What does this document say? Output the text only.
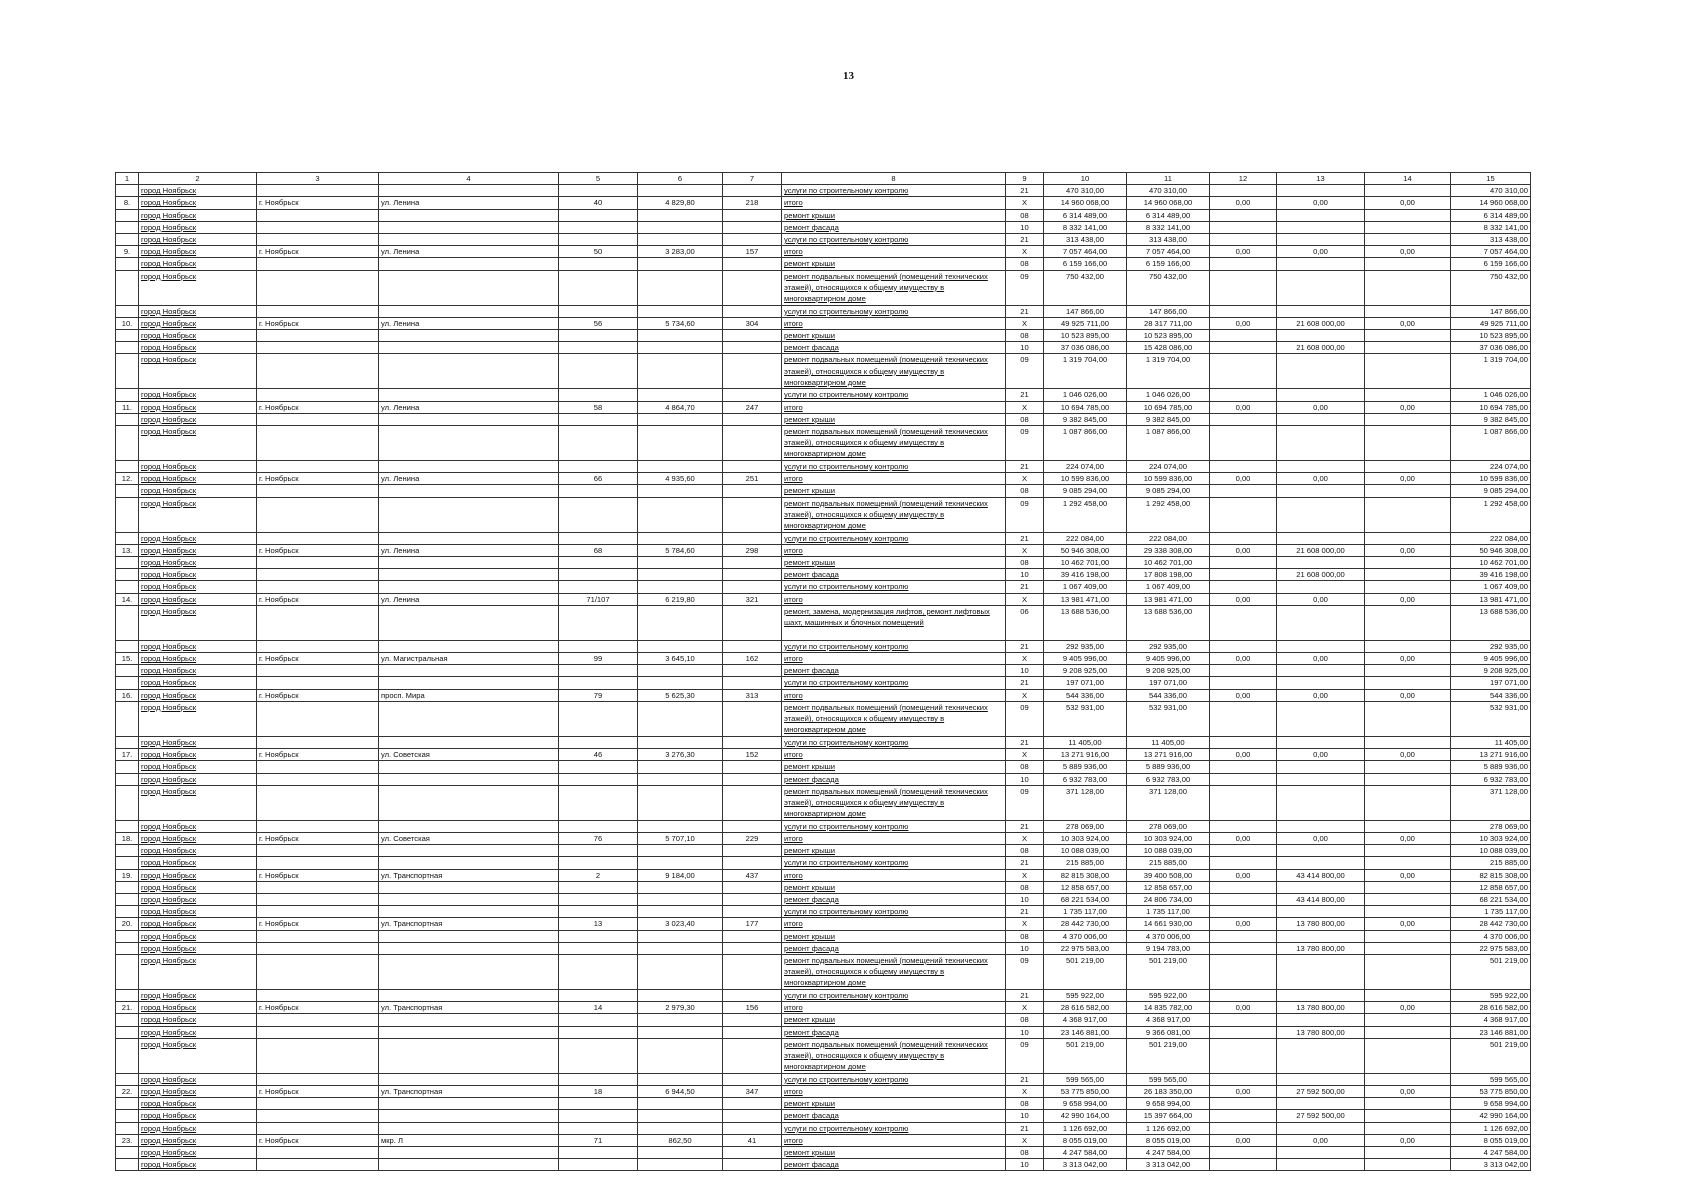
13
1	2	3	4	5	6	7	8	9	10	11	12	13	14	15
	город Ноябрьск						услуги по строительному контролю	21	470 310,00	470 310,00				470 310,00
8.	город Ноябрьск	г. Ноябрьск	ул. Ленина	40	4 829,80	218	итого	X	14 960 068,00	14 960 068,00	0,00	0,00	0,00	14 960 068,00
	город Ноябрьск						ремонт крыши	08	6 314 489,00	6 314 489,00				6 314 489,00
	город Ноябрьск						ремонт фасада	10	8 332 141,00	8 332 141,00				8 332 141,00
	город Ноябрьск						услуги по строительному контролю	21	313 438,00	313 438,00				313 438,00
9.	город Ноябрьск	г. Ноябрьск	ул. Ленина	50	3 283,00	157	итого	X	7 057 464,00	7 057 464,00	0,00	0,00	0,00	7 057 464,00
	город Ноябрьск						ремонт крыши	08	6 159 166,00	6 159 166,00				6 159 166,00
	город Ноябрьск						ремонт подвальных помещений (помещений технических этажей), относящихся к общему имуществу в многоквартирном доме	09	750 432,00	750 432,00				750 432,00
	город Ноябрьск						услуги по строительному контролю	21	147 866,00	147 866,00				147 866,00
10.	город Ноябрьск	г. Ноябрьск	ул. Ленина	56	5 734,60	304	итого	X	49 925 711,00	28 317 711,00	0,00	21 608 000,00	0,00	49 925 711,00
	город Ноябрьск						ремонт крыши	08	10 523 895,00	10 523 895,00				10 523 895,00
	город Ноябрьск						ремонт фасада	10	37 036 086,00	15 428 086,00		21 608 000,00		37 036 086,00
	город Ноябрьск						ремонт подвальных помещений (помещений технических этажей), относящихся к общему имуществу в многоквартирном доме	09	1 319 704,00	1 319 704,00				1 319 704,00
	город Ноябрьск						услуги по строительному контролю	21	1 046 026,00	1 046 026,00				1 046 026,00
11.	город Ноябрьск	г. Ноябрьск	ул. Ленина	58	4 864,70	247	итого	X	10 694 785,00	10 694 785,00	0,00	0,00	0,00	10 694 785,00
	город Ноябрьск						ремонт крыши	08	9 382 845,00	9 382 845,00				9 382 845,00
	город Ноябрьск						ремонт подвальных помещений (помещений технических этажей), относящихся к общему имуществу в многоквартирном доме	09	1 087 866,00	1 087 866,00				1 087 866,00
	город Ноябрьск						услуги по строительному контролю	21	224 074,00	224 074,00				224 074,00
12.	город Ноябрьск	г. Ноябрьск	ул. Ленина	66	4 935,60	251	итого	X	10 599 836,00	10 599 836,00	0,00	0,00	0,00	10 599 836,00
	город Ноябрьск						ремонт крыши	08	9 085 294,00	9 085 294,00				9 085 294,00
	город Ноябрьск						ремонт подвальных помещений (помещений технических этажей), относящихся к общему имуществу в многоквартирном доме	09	1 292 458,00	1 292 458,00				1 292 458,00
	город Ноябрьск						услуги по строительному контролю	21	222 084,00	222 084,00				222 084,00
13.	город Ноябрьск	г. Ноябрьск	ул. Ленина	68	5 784,60	298	итого	X	50 946 308,00	29 338 308,00	0,00	21 608 000,00	0,00	50 946 308,00
	город Ноябрьск						ремонт крыши	08	10 462 701,00	10 462 701,00				10 462 701,00
	город Ноябрьск						ремонт фасада	10	39 416 198,00	17 808 198,00		21 608 000,00		39 416 198,00
	город Ноябрьск						услуги по строительному контролю	21	1 067 409,00	1 067 409,00				1 067 409,00
14.	город Ноябрьск	г. Ноябрьск	ул. Ленина	71/107	6 219,80	321	итого	X	13 981 471,00	13 981 471,00	0,00	0,00	0,00	13 981 471,00
	город Ноябрьск						ремонт, замена, модернизация лифтов, ремонт лифтовых шахт, машинных и блочных помещений	06	13 688 536,00	13 688 536,00				13 688 536,00
	город Ноябрьск						услуги по строительному контролю	21	292 935,00	292 935,00				292 935,00
15.	город Ноябрьск	г. Ноябрьск	ул. Магистральная	99	3 645,10	162	итого	X	9 405 996,00	9 405 996,00	0,00	0,00	0,00	9 405 996,00
	город Ноябрьск						ремонт фасада	10	9 208 925,00	9 208 925,00				9 208 925,00
	город Ноябрьск						услуги по строительному контролю	21	197 071,00	197 071,00				197 071,00
16.	город Ноябрьск	г. Ноябрьск	просп. Мира	79	5 625,30	313	итого	X	544 336,00	544 336,00	0,00	0,00	0,00	544 336,00
	город Ноябрьск						ремонт подвальных помещений (помещений технических этажей), относящихся к общему имуществу в многоквартирном доме	09	532 931,00	532 931,00				532 931,00
	город Ноябрьск						услуги по строительному контролю	21	11 405,00	11 405,00				11 405,00
17.	город Ноябрьск	г. Ноябрьск	ул. Советская	46	3 276,30	152	итого	X	13 271 916,00	13 271 916,00	0,00	0,00	0,00	13 271 916,00
	город Ноябрьск						ремонт крыши	08	5 889 936,00	5 889 936,00				5 889 936,00
	город Ноябрьск						ремонт фасада	10	6 932 783,00	6 932 783,00				6 932 783,00
	город Ноябрьск						ремонт подвальных помещений (помещений технических этажей), относящихся к общему имуществу в многоквартирном доме	09	371 128,00	371 128,00				371 128,00
	город Ноябрьск						услуги по строительному контролю	21	278 069,00	278 069,00				278 069,00
18.	город Ноябрьск	г. Ноябрьск	ул. Советская	76	5 707,10	229	итого	X	10 303 924,00	10 303 924,00	0,00	0,00	0,00	10 303 924,00
	город Ноябрьск						ремонт крыши	08	10 088 039,00	10 088 039,00				10 088 039,00
	город Ноябрьск						услуги по строительному контролю	21	215 885,00	215 885,00				215 885,00
19.	город Ноябрьск	г. Ноябрьск	ул. Транспортная	2	9 184,00	437	итого	X	82 815 308,00	39 400 508,00	0,00	43 414 800,00	0,00	82 815 308,00
	город Ноябрьск						ремонт крыши	08	12 858 657,00	12 858 657,00				12 858 657,00
	город Ноябрьск						ремонт фасада	10	68 221 534,00	24 806 734,00		43 414 800,00		68 221 534,00
	город Ноябрьск						услуги по строительному контролю	21	1 735 117,00	1 735 117,00				1 735 117,00
20.	город Ноябрьск	г. Ноябрьск	ул. Транспортная	13	3 023,40	177	итого	X	28 442 730,00	14 661 930,00	0,00	13 780 800,00	0,00	28 442 730,00
	город Ноябрьск						ремонт крыши	08	4 370 006,00	4 370 006,00				4 370 006,00
	город Ноябрьск						ремонт фасада	10	22 975 583,00	9 194 783,00		13 780 800,00		22 975 583,00
	город Ноябрьск						ремонт подвальных помещений (помещений технических этажей), относящихся к общему имуществу в многоквартирном доме	09	501 219,00	501 219,00				501 219,00
	город Ноябрьск						услуги по строительному контролю	21	595 922,00	595 922,00				595 922,00
21.	город Ноябрьск	г. Ноябрьск	ул. Транспортная	14	2 979,30	156	итого	X	28 616 582,00	14 835 782,00	0,00	13 780 800,00	0,00	28 616 582,00
	город Ноябрьск						ремонт крыши	08	4 368 917,00	4 368 917,00				4 368 917,00
	город Ноябрьск						ремонт фасада	10	23 146 881,00	9 366 081,00		13 780 800,00		23 146 881,00
	город Ноябрьск						ремонт подвальных помещений (помещений технических этажей), относящихся к общему имуществу в многоквартирном доме	09	501 219,00	501 219,00				501 219,00
	город Ноябрьск						услуги по строительному контролю	21	599 565,00	599 565,00				599 565,00
22.	город Ноябрьск	г. Ноябрьск	ул. Транспортная	18	6 944,50	347	итого	X	53 775 850,00	26 183 350,00	0,00	27 592 500,00	0,00	53 775 850,00
	город Ноябрьск						ремонт крыши	08	9 658 994,00	9 658 994,00				9 658 994,00
	город Ноябрьск						ремонт фасада	10	42 990 164,00	15 397 664,00		27 592 500,00		42 990 164,00
	город Ноябрьск						услуги по строительному контролю	21	1 126 692,00	1 126 692,00				1 126 692,00
23.	город Ноябрьск	г. Ноябрьск	мкр. Л	71	862,50	41	итого	X	8 055 019,00	8 055 019,00	0,00	0,00	0,00	8 055 019,00
	город Ноябрьск						ремонт крыши	08	4 247 584,00	4 247 584,00				4 247 584,00
	город Ноябрьск						ремонт фасада	10	3 313 042,00	3 313 042,00				3 313 042,00
